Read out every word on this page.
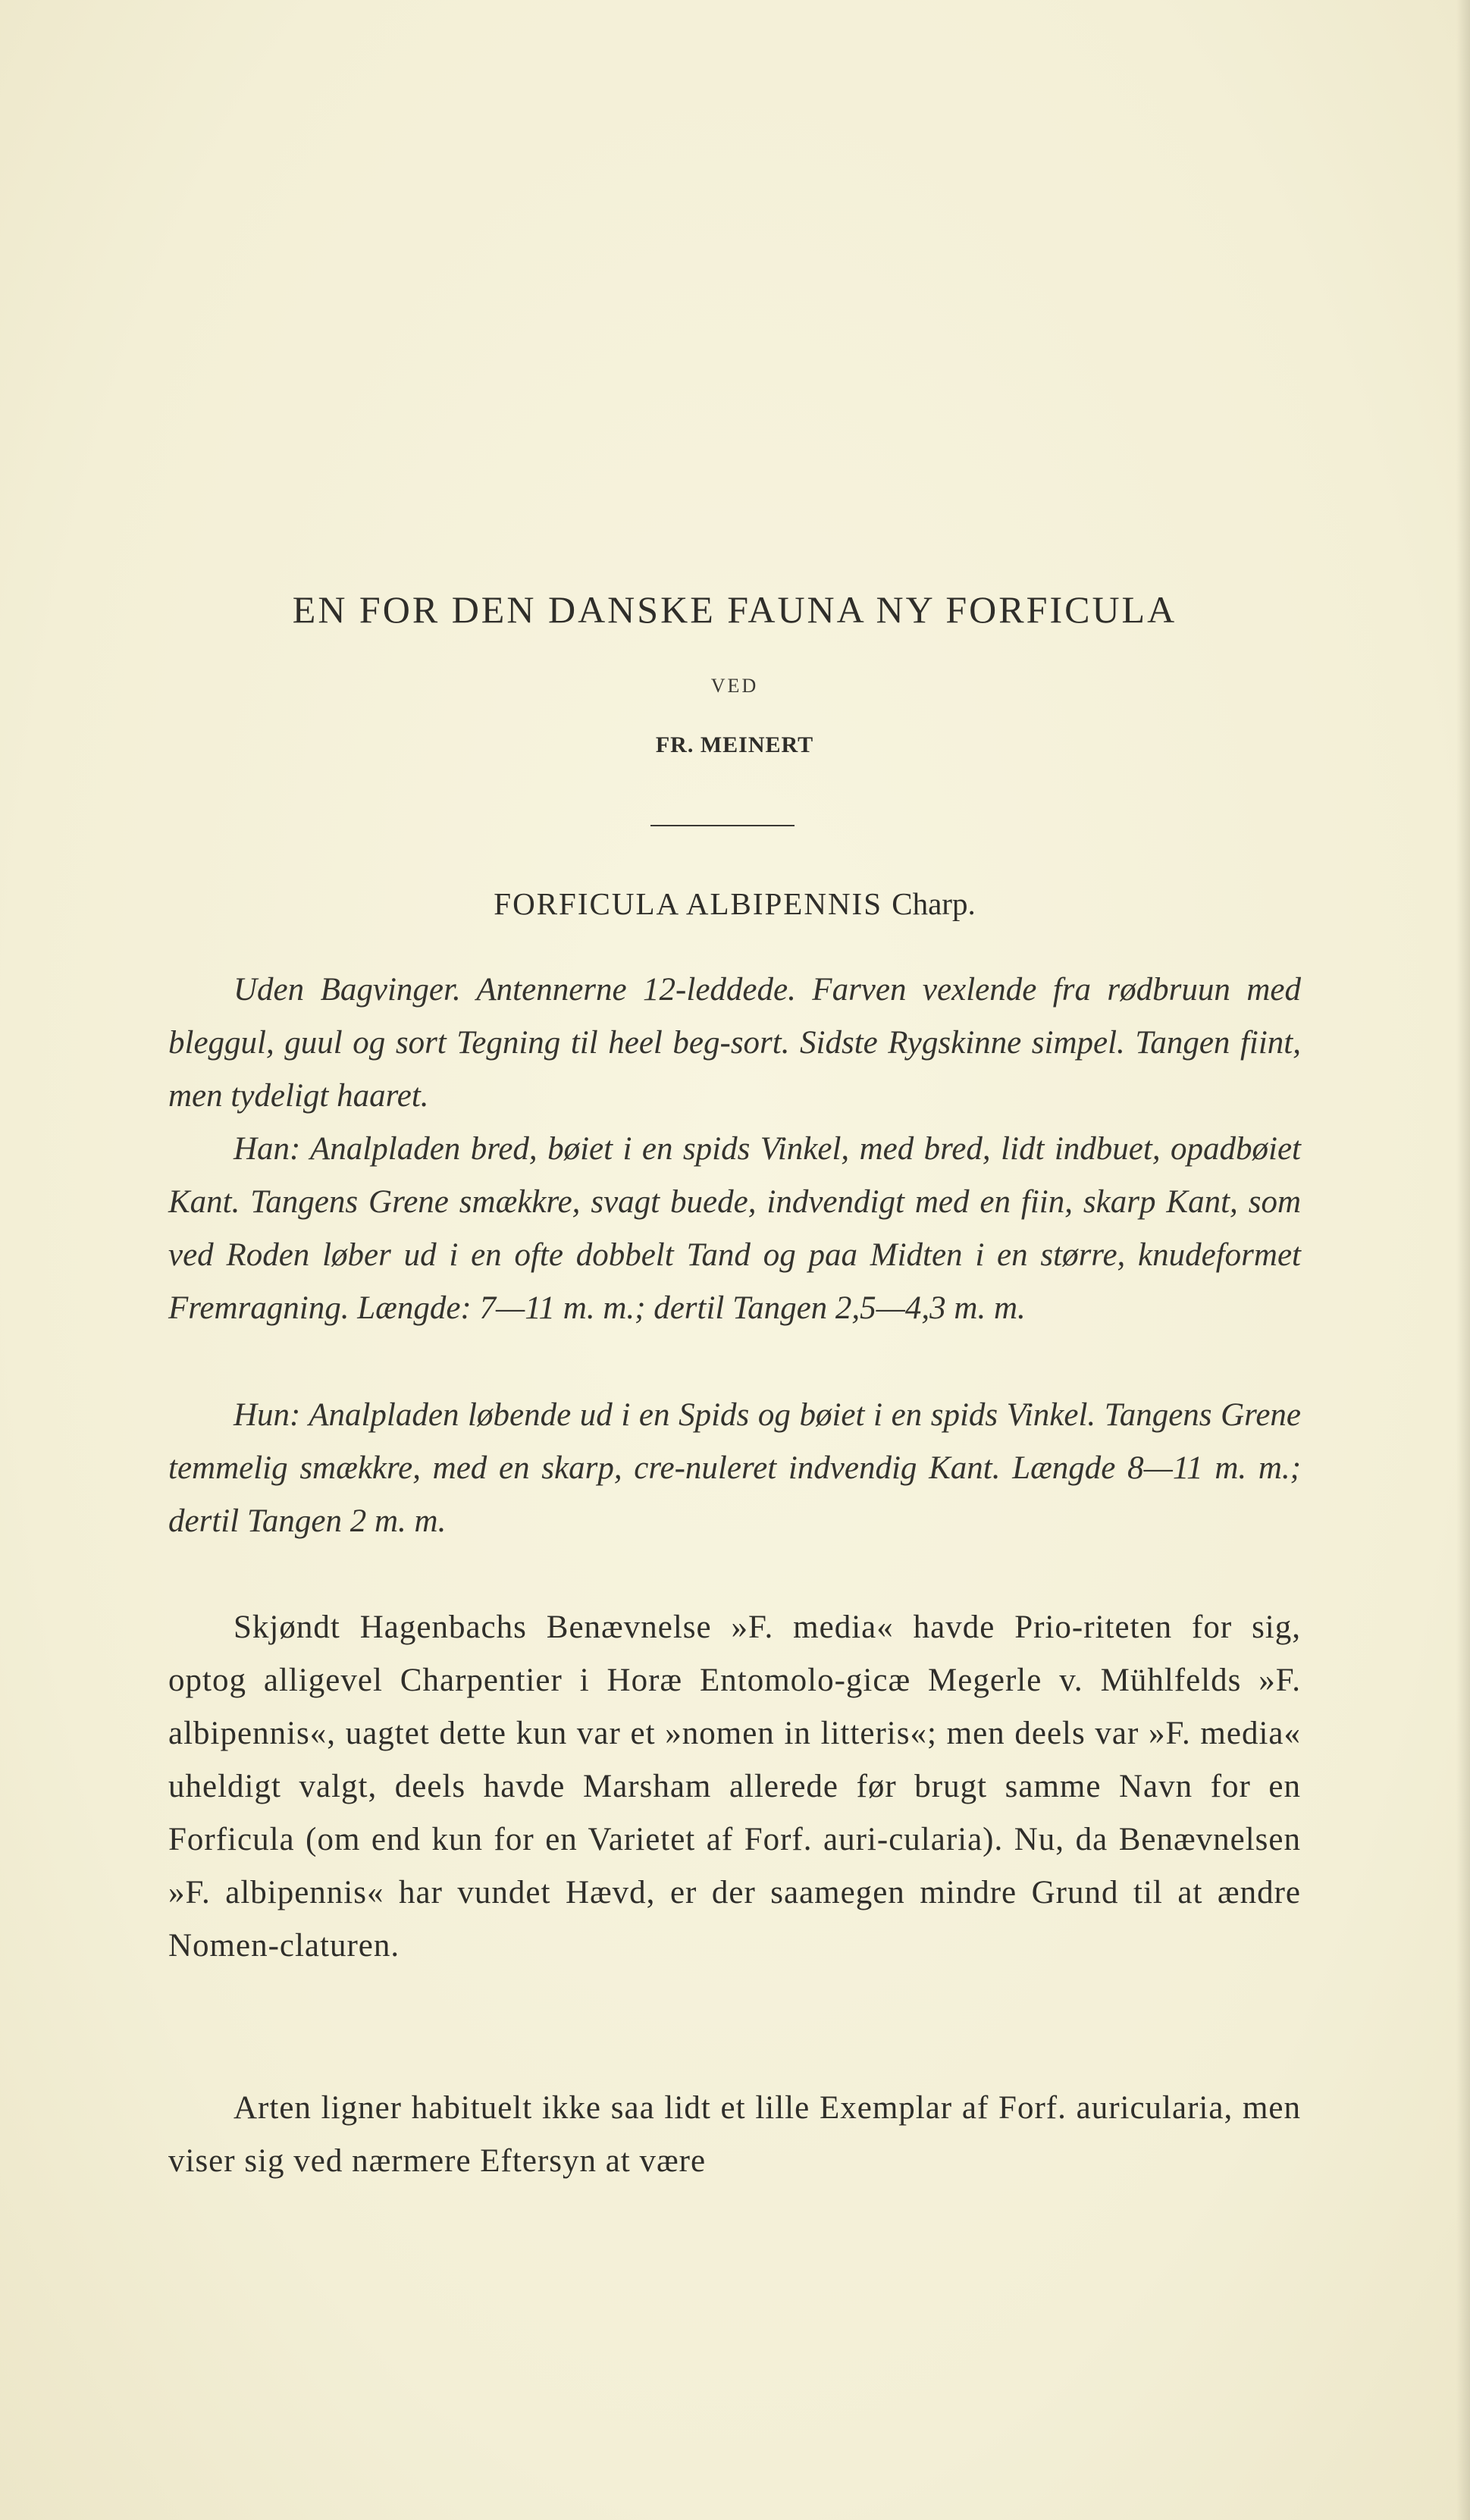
EN FOR DEN DANSKE FAUNA NY FORFICULA
VED
FR. MEINERT
FORFICULA ALBIPENNIS Charp.

Uden Bagvinger. Antennerne 12-leddede. Farven vexlende fra rødbruun med bleggul, guul og sort Tegning til heel beg-sort. Sidste Rygskinne simpel. Tangen fiint, men tydeligt haaret.

Han: Analpladen bred, bøiet i en spids Vinkel, med bred, lidt indbuet, opadbøiet Kant. Tangens Grene smækkre, svagt buede, indvendigt med en fiin, skarp Kant, som ved Roden løber ud i en ofte dobbelt Tand og paa Midten i en større, knudeformet Fremragning. Længde: 7—11 m. m.; dertil Tangen 2,5—4,3 m. m.

Hun: Analpladen løbende ud i en Spids og bøiet i en spids Vinkel. Tangens Grene temmelig smækkre, med en skarp, cre-nuleret indvendig Kant. Længde 8—11 m. m.; dertil Tangen 2 m. m.

Skjøndt Hagenbachs Benævnelse »F. media« havde Prio-riteten for sig, optog alligevel Charpentier i Horæ Entomolo-gicæ Megerle v. Mühlfelds »F. albipennis«, uagtet dette kun var et »nomen in litteris«; men deels var »F. media« uheldigt valgt, deels havde Marsham allerede før brugt samme Navn for en Forficula (om end kun for en Varietet af Forf. auri-cularia). Nu, da Benævnelsen »F. albipennis« har vundet Hævd, er der saamegen mindre Grund til at ændre Nomen-claturen.

Arten ligner habituelt ikke saa lidt et lille Exemplar af Forf. auricularia, men viser sig ved nærmere Eftersyn at være
